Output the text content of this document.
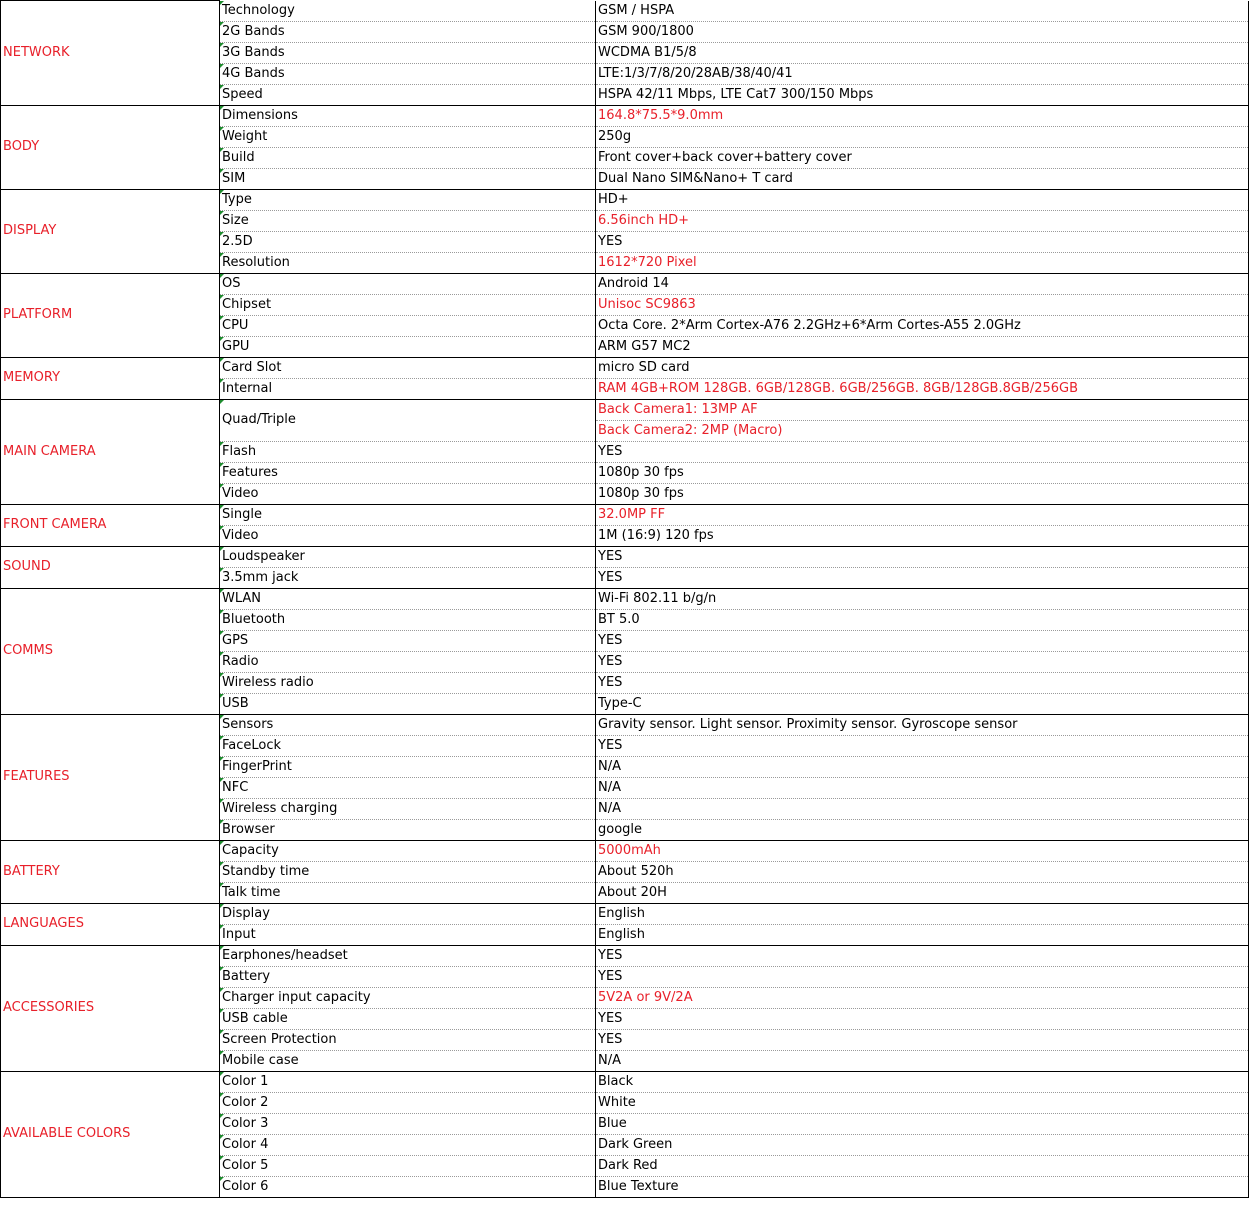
NETWORK	Technology	GSM / HSPA
	2G Bands	GSM 900/1800
	3G Bands	WCDMA B1/5/8
	4G Bands	LTE:1/3/7/8/20/28AB/38/40/41
	Speed	HSPA 42/11 Mbps, LTE Cat7 300/150 Mbps
BODY	Dimensions	164.8*75.5*9.0mm
	Weight	250g
	Build	Front cover+back cover+battery cover
	SIM	Dual Nano SIM&Nano+ T card
DISPLAY	Type	HD+
	Size	6.56inch HD+
	2.5D	YES
	Resolution	1612*720 Pixel
PLATFORM	OS	Android 14
	Chipset	Unisoc SC9863
	CPU	Octa Core. 2*Arm Cortex-A76 2.2GHz+6*Arm Cortes-A55 2.0GHz
	GPU	ARM G57 MC2
MEMORY	Card Slot	micro SD card
	Internal	RAM 4GB+ROM 128GB. 6GB/128GB. 6GB/256GB. 8GB/128GB.8GB/256GB
MAIN CAMERA	Quad/Triple	Back Camera1: 13MP AF
		Back Camera2: 2MP (Macro)
	Flash	YES
	Features	1080p 30 fps
	Video	1080p 30 fps
FRONT CAMERA	Single	32.0MP FF
	Video	1M (16:9) 120 fps
SOUND	Loudspeaker	YES
	3.5mm jack	YES
COMMS	WLAN	Wi-Fi 802.11 b/g/n
	Bluetooth	BT 5.0
	GPS	YES
	Radio	YES
	Wireless radio	YES
	USB	Type-C
FEATURES	Sensors	Gravity sensor. Light sensor. Proximity sensor. Gyroscope sensor
	FaceLock	YES
	FingerPrint	N/A
	NFC	N/A
	Wireless charging	N/A
	Browser	google
BATTERY	Capacity	5000mAh
	Standby time	About 520h
	Talk time	About 20H
LANGUAGES	Display	English
	Input	English
ACCESSORIES	Earphones/headset	YES
	Battery	YES
	Charger input capacity	5V2A or 9V/2A
	USB cable	YES
	Screen Protection	YES
	Mobile case	N/A
AVAILABLE COLORS	Color 1	Black
	Color 2	White
	Color 3	Blue
	Color 4	Dark Green
	Color 5	Dark Red
	Color 6	Blue Texture
